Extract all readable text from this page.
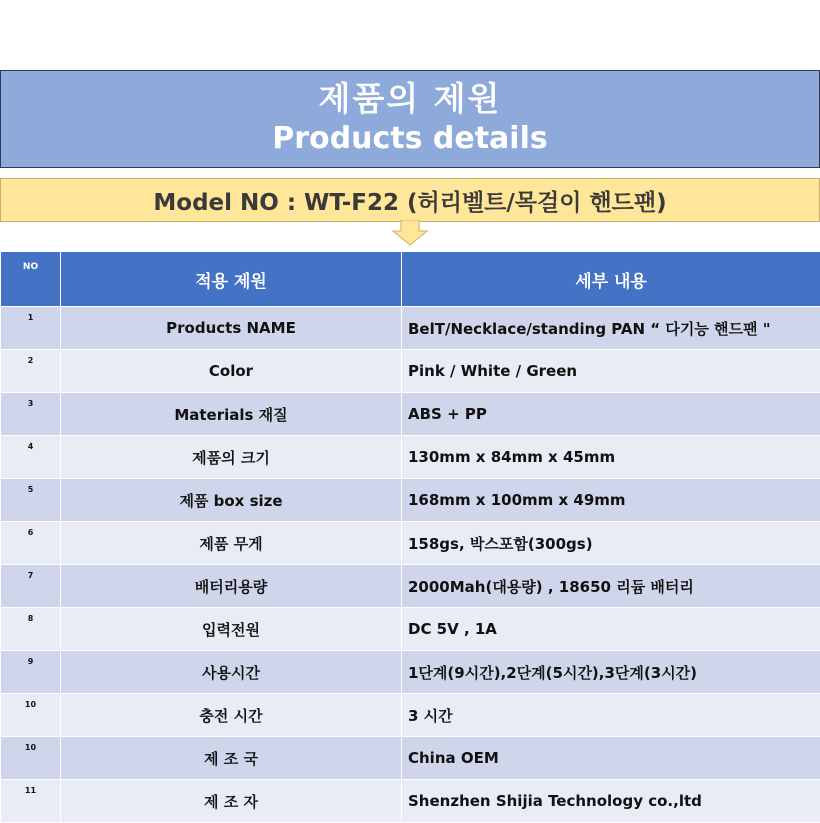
제품의 제원
Products details
Model NO : WT-F22 (허리벨트/목걸이 핸드팬)
NO	적용 제원	세부 내용
1	Products NAME	BelT/Necklace/standing PAN “ 다기능 핸드팬 "
2	Color	Pink / White / Green
3	Materials 재질	ABS + PP
4	제품의 크기	130mm x 84mm x 45mm
5	제품 box size	168mm x 100mm x 49mm
6	제품 무게	158gs, 박스포함(300gs)
7	배터리용량	2000Mah(대용량) , 18650 리듐 배터리
8	입력전원	DC 5V , 1A
9	사용시간	1단계(9시간),2단계(5시간),3단계(3시간)
10	충전 시간	3 시간
10	제 조 국	China OEM
11	제 조 자	Shenzhen Shijia Technology co.,ltd
